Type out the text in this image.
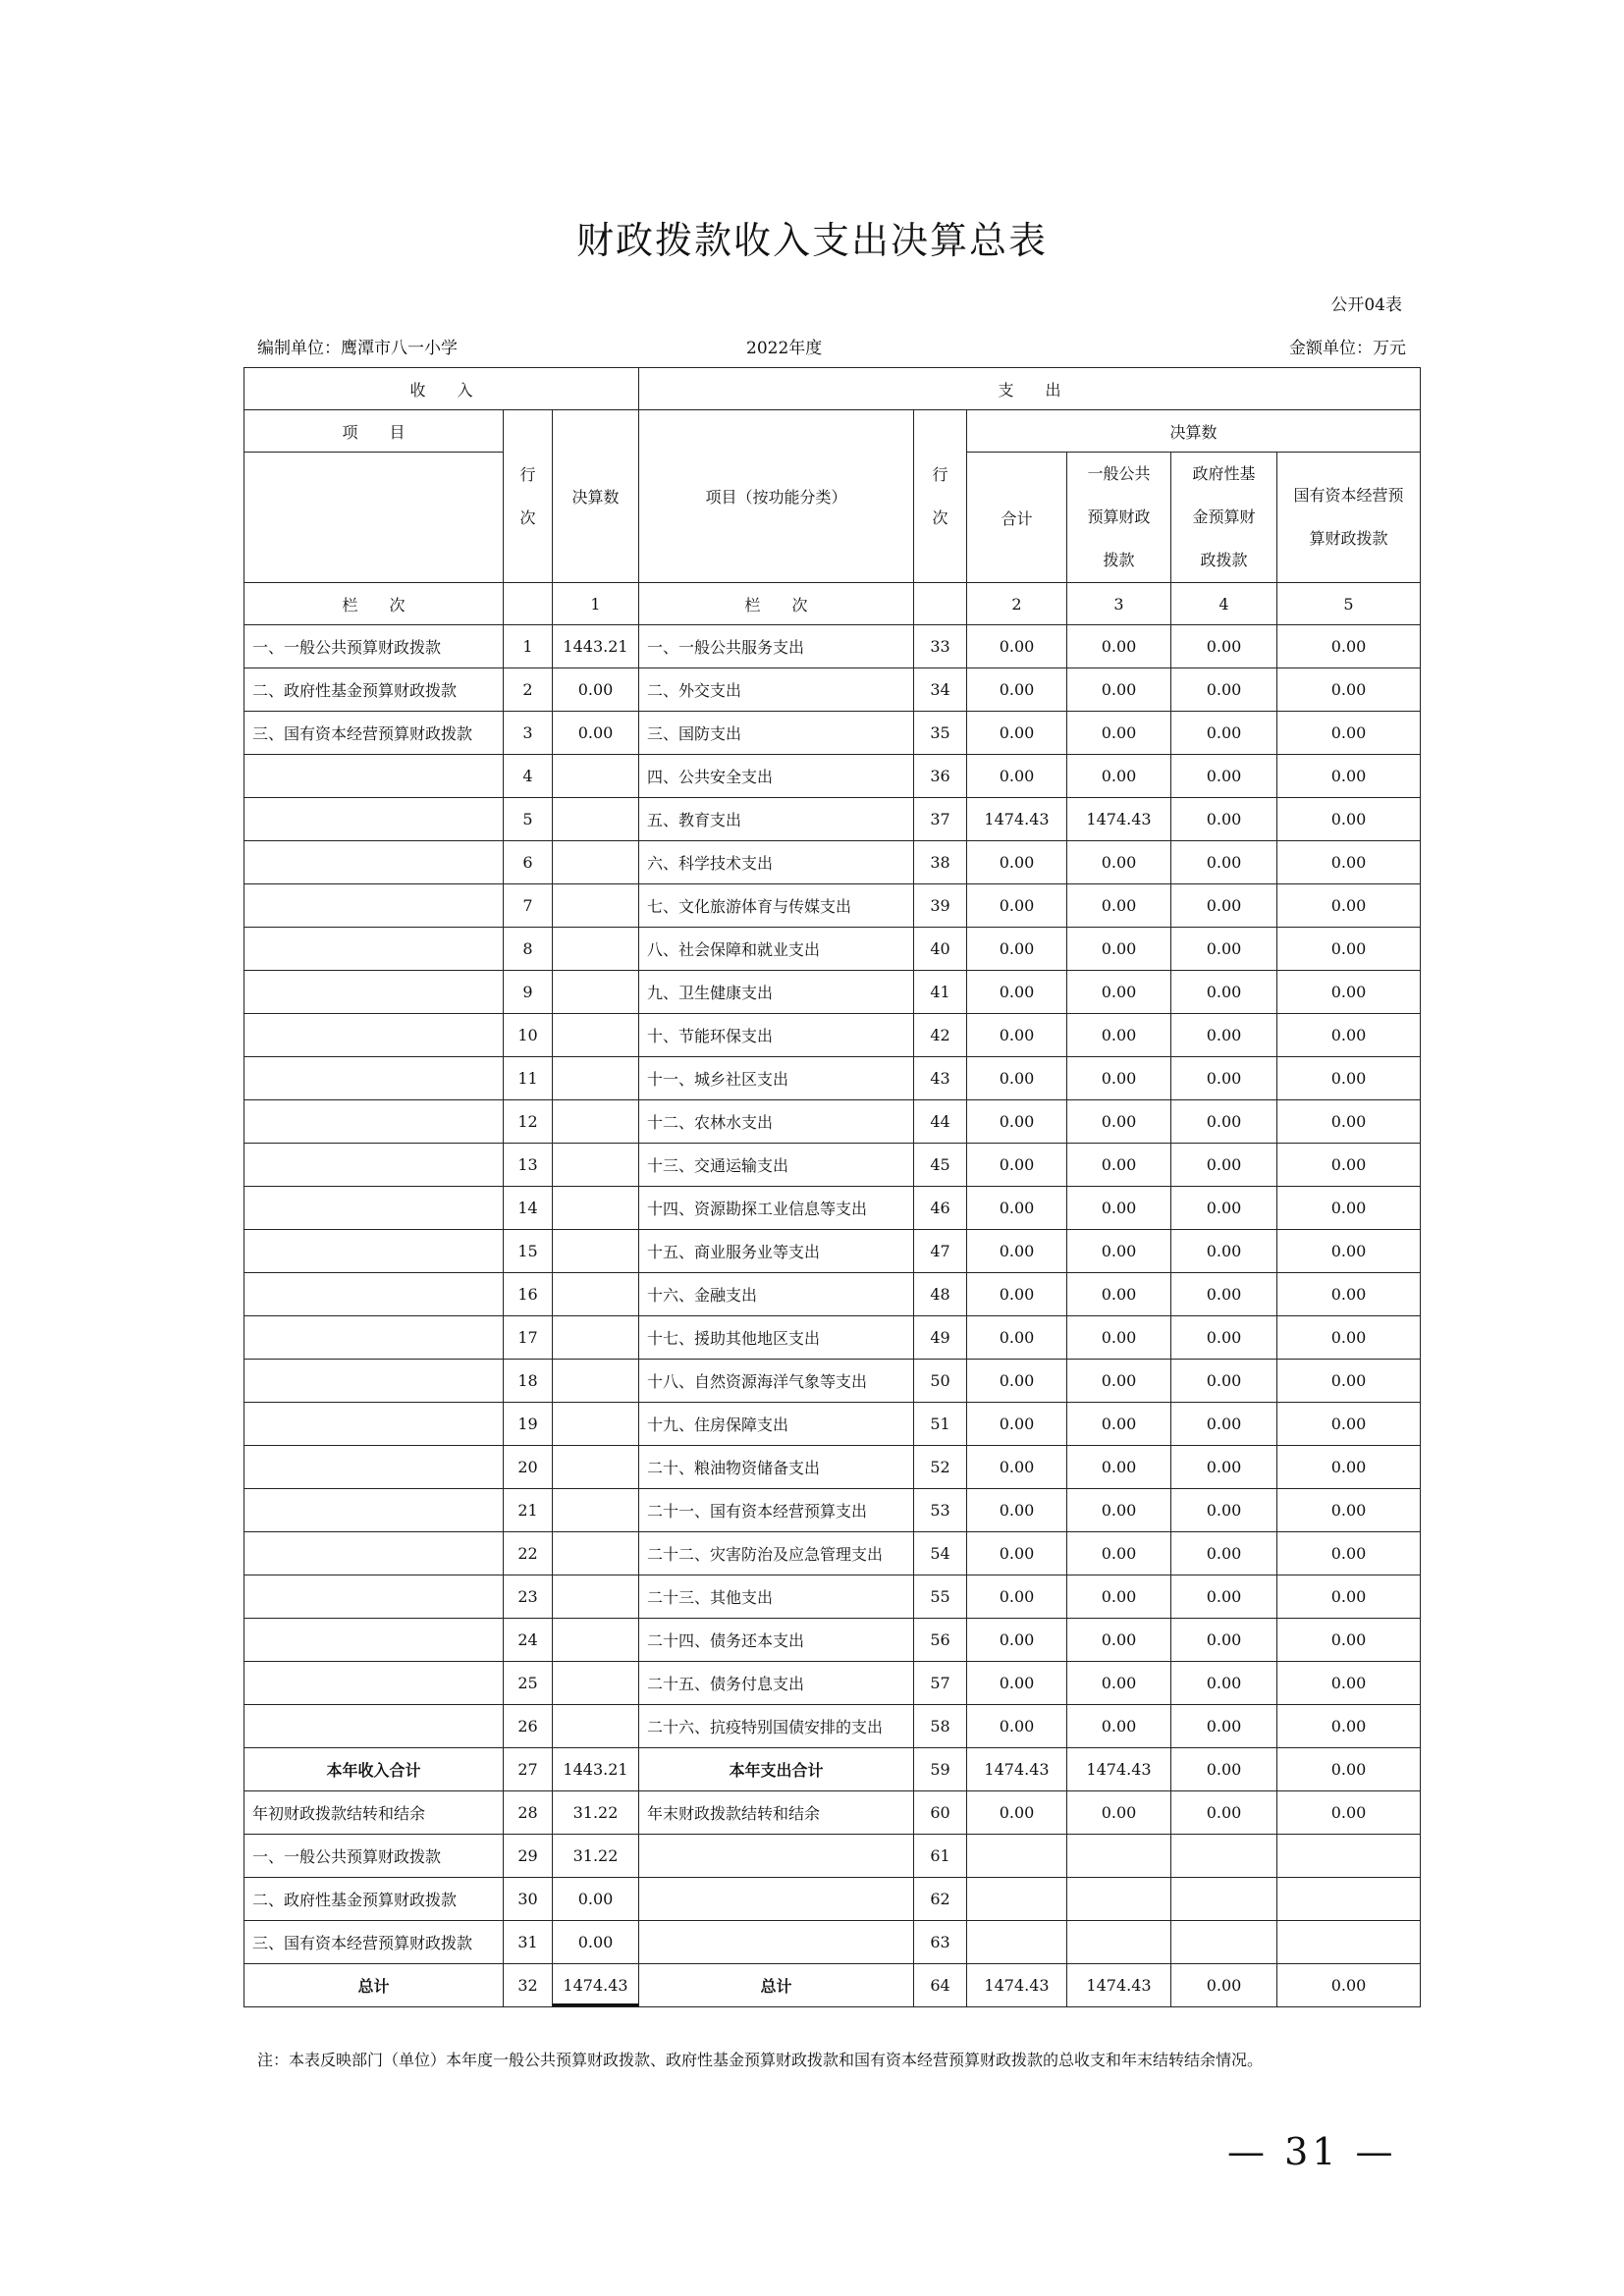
财政拨款收入支出决算总表
公开04表
编制单位：鹰潭市八一小学	2022年度	金额单位：万元
收　　入			支　　出					
项　　目	行次	决算数	项目（按功能分类）	行次	决算数			
					合计	一般公共预算财政拨款	政府性基金预算财政拨款	国有资本经营预算财政拨款
栏　　次		1	栏　　次		2	3	4	5
一、一般公共预算财政拨款	1	1443.21	一、一般公共服务支出	33	0.00	0.00	0.00	0.00
二、政府性基金预算财政拨款	2	0.00	二、外交支出	34	0.00	0.00	0.00	0.00
三、国有资本经营预算财政拨款	3	0.00	三、国防支出	35	0.00	0.00	0.00	0.00
	4		四、公共安全支出	36	0.00	0.00	0.00	0.00
	5		五、教育支出	37	1474.43	1474.43	0.00	0.00
	6		六、科学技术支出	38	0.00	0.00	0.00	0.00
	7		七、文化旅游体育与传媒支出	39	0.00	0.00	0.00	0.00
	8		八、社会保障和就业支出	40	0.00	0.00	0.00	0.00
	9		九、卫生健康支出	41	0.00	0.00	0.00	0.00
	10		十、节能环保支出	42	0.00	0.00	0.00	0.00
	11		十一、城乡社区支出	43	0.00	0.00	0.00	0.00
	12		十二、农林水支出	44	0.00	0.00	0.00	0.00
	13		十三、交通运输支出	45	0.00	0.00	0.00	0.00
	14		十四、资源勘探工业信息等支出	46	0.00	0.00	0.00	0.00
	15		十五、商业服务业等支出	47	0.00	0.00	0.00	0.00
	16		十六、金融支出	48	0.00	0.00	0.00	0.00
	17		十七、援助其他地区支出	49	0.00	0.00	0.00	0.00
	18		十八、自然资源海洋气象等支出	50	0.00	0.00	0.00	0.00
	19		十九、住房保障支出	51	0.00	0.00	0.00	0.00
	20		二十、粮油物资储备支出	52	0.00	0.00	0.00	0.00
	21		二十一、国有资本经营预算支出	53	0.00	0.00	0.00	0.00
	22		二十二、灾害防治及应急管理支出	54	0.00	0.00	0.00	0.00
	23		二十三、其他支出	55	0.00	0.00	0.00	0.00
	24		二十四、债务还本支出	56	0.00	0.00	0.00	0.00
	25		二十五、债务付息支出	57	0.00	0.00	0.00	0.00
	26		二十六、抗疫特别国债安排的支出	58	0.00	0.00	0.00	0.00
本年收入合计	27	1443.21	本年支出合计	59	1474.43	1474.43	0.00	0.00
年初财政拨款结转和结余	28	31.22	年末财政拨款结转和结余	60	0.00	0.00	0.00	0.00
一、一般公共预算财政拨款	29	31.22		61				
二、政府性基金预算财政拨款	30	0.00		62				
三、国有资本经营预算财政拨款	31	0.00		63				
总计	32	1474.43	总计	64	1474.43	1474.43	0.00	0.00
注：本表反映部门（单位）本年度一般公共预算财政拨款、政府性基金预算财政拨款和国有资本经营预算财政拨款的总收支和年末结转结余情况。
— 31 —
